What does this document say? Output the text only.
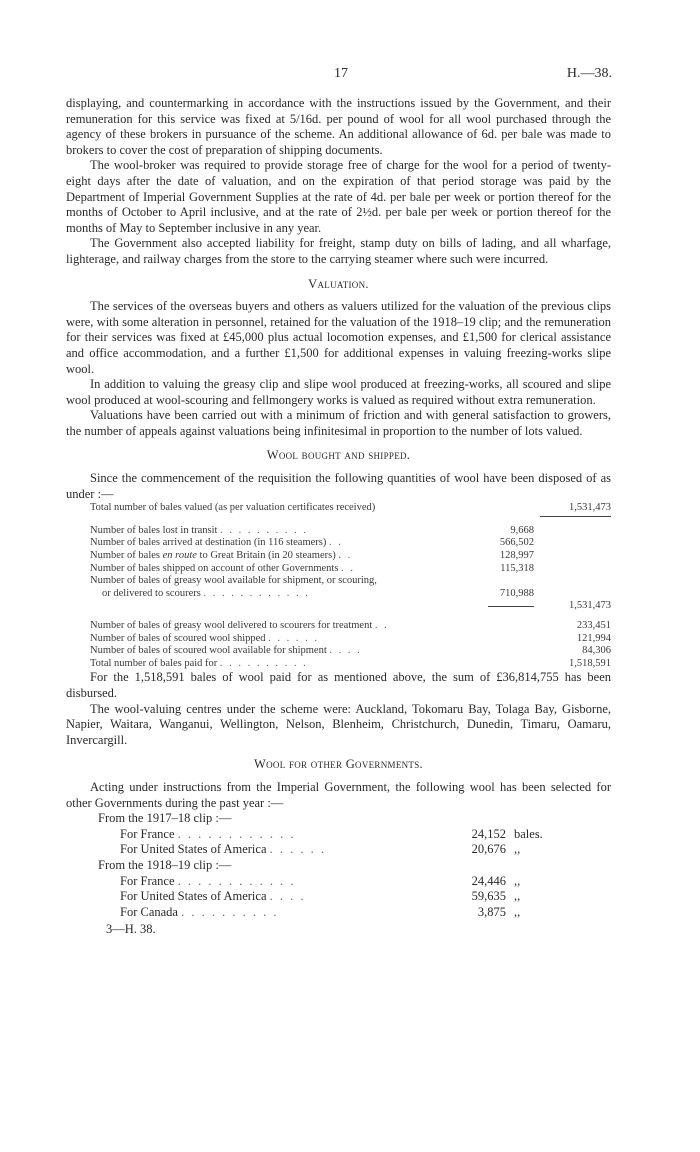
17	H.—38.

displaying, and countermarking in accordance with the instructions issued by the Government, and their remuneration for this service was fixed at 5/16d. per pound of wool for all wool purchased through the agency of these brokers in pursuance of the scheme. An additional allowance of 6d. per bale was made to brokers to cover the cost of preparation of shipping documents.

The wool-broker was required to provide storage free of charge for the wool for a period of twenty-eight days after the date of valuation, and on the expiration of that period storage was paid by the Department of Imperial Government Supplies at the rate of 4d. per bale per week or portion thereof for the months of October to April inclusive, and at the rate of 2½d. per bale per week or portion thereof for the months of May to September inclusive in any year.

The Government also accepted liability for freight, stamp duty on bills of lading, and all wharfage, lighterage, and railway charges from the store to the carrying steamer where such were incurred.

Valuation.

The services of the overseas buyers and others as valuers utilized for the valuation of the previous clips were, with some alteration in personnel, retained for the valuation of the 1918–19 clip; and the remuneration for their services was fixed at £45,000 plus actual locomotion expenses, and £1,500 for clerical assistance and office accommodation, and a further £1,500 for additional expenses in valuing freezing-works slipe wool.

In addition to valuing the greasy clip and slipe wool produced at freezing-works, all scoured and slipe wool produced at wool-scouring and fellmongery works is valued as required without extra remuneration.

Valuations have been carried out with a minimum of friction and with general satisfaction to growers, the number of appeals against valuations being infinitesimal in proportion to the number of lots valued.

Wool bought and shipped.

Since the commencement of the requisition the following quantities of wool have been disposed of as under :—

Total number of bales valued (as per valuation certificates received)	1,531,473
Number of bales lost in transit . . . . . . . . . .	9,668
Number of bales arrived at destination (in 116 steamers) . .	566,502
Number of bales en route to Great Britain (in 20 steamers) . .	128,997
Number of bales shipped on account of other Governments . .	115,318
Number of bales of greasy wool available for shipment, or scouring,
or delivered to scourers . . . . . . . . . . . .	710,988
1,531,473
Number of bales of greasy wool delivered to scourers for treatment . .	233,451
Number of bales of scoured wool shipped . . . . . .	121,994
Number of bales of scoured wool available for shipment . . . .	84,306
Total number of bales paid for . . . . . . . . . .	1,518,591

For the 1,518,591 bales of wool paid for as mentioned above, the sum of £36,814,755 has been disbursed.

The wool-valuing centres under the scheme were: Auckland, Tokomaru Bay, Tolaga Bay, Gisborne, Napier, Waitara, Wanganui, Wellington, Nelson, Blenheim, Christchurch, Dunedin, Timaru, Oamaru, Invercargill.

Wool for other Governments.

Acting under instructions from the Imperial Government, the following wool has been selected for other Governments during the past year :—

From the 1917–18 clip :—
For France . . . . . . . . . . . .	24,152 bales.
For United States of America . . . . . .	20,676 ,,
From the 1918–19 clip :—
For France . . . . . . . . . . . .	24,446 ,,
For United States of America . . . .	59,635 ,,
For Canada . . . . . . . . . .	3,875 ,,
3—H. 38.
